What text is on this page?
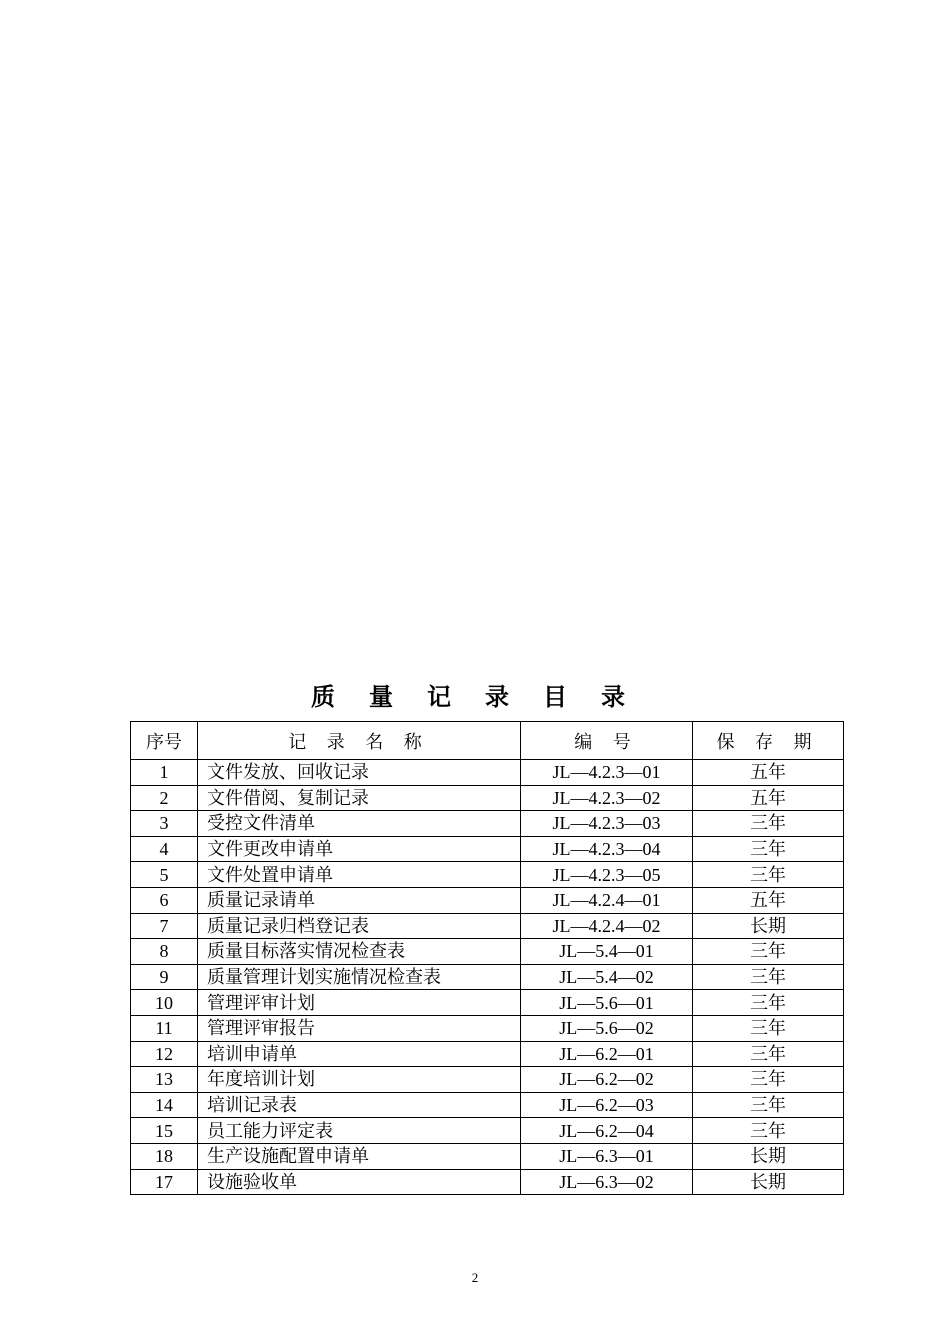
质 量 记 录 目 录
序号	记 录 名 称	编 号	保 存 期
1	文件发放、回收记录	JL—4.2.3—01	五年
2	文件借阅、复制记录	JL—4.2.3—02	五年
3	受控文件清单	JL—4.2.3—03	三年
4	文件更改申请单	JL—4.2.3—04	三年
5	文件处置申请单	JL—4.2.3—05	三年
6	质量记录请单	JL—4.2.4—01	五年
7	质量记录归档登记表	JL—4.2.4—02	长期
8	质量目标落实情况检查表	JL—5.4—01	三年
9	质量管理计划实施情况检查表	JL—5.4—02	三年
10	管理评审计划	JL—5.6—01	三年
11	管理评审报告	JL—5.6—02	三年
12	培训申请单	JL—6.2—01	三年
13	年度培训计划	JL—6.2—02	三年
14	培训记录表	JL—6.2—03	三年
15	员工能力评定表	JL—6.2—04	三年
18	生产设施配置申请单	JL—6.3—01	长期
17	设施验收单	JL—6.3—02	长期
2
